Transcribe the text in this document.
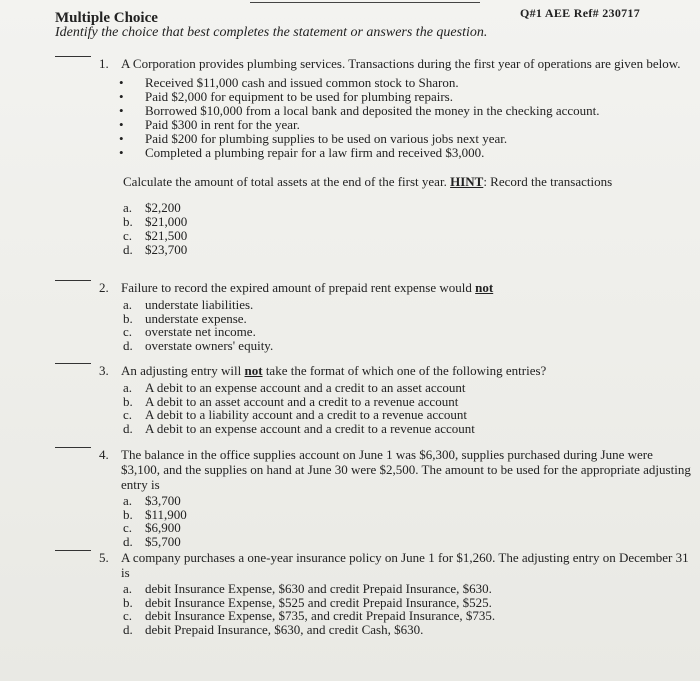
Multiple Choice
Identify the choice that best completes the statement or answers the question.
Q#1 AEE Ref# 230717
1. A Corporation provides plumbing services. Transactions during the first year of operations are given below.
•	Received $11,000 cash and issued common stock to Sharon.
•	Paid $2,000 for equipment to be used for plumbing repairs.
•	Borrowed $10,000 from a local bank and deposited the money in the checking account.
•	Paid $300 in rent for the year.
•	Paid $200 for plumbing supplies to be used on various jobs next year.
•	Completed a plumbing repair for a law firm and received $3,000.
Calculate the amount of total assets at the end of the first year. HINT: Record the transactions
a. $2,200
b. $21,000
c. $21,500
d. $23,700
2. Failure to record the expired amount of prepaid rent expense would not
a. understate liabilities.
b. understate expense.
c. overstate net income.
d. overstate owners' equity.
3. An adjusting entry will not take the format of which one of the following entries?
a. A debit to an expense account and a credit to an asset account
b. A debit to an asset account and a credit to a revenue account
c. A debit to a liability account and a credit to a revenue account
d. A debit to an expense account and a credit to a revenue account
4. The balance in the office supplies account on June 1 was $6,300, supplies purchased during June were $3,100, and the supplies on hand at June 30 were $2,500. The amount to be used for the appropriate adjusting entry is
a. $3,700
b. $11,900
c. $6,900
d. $5,700
5. A company purchases a one-year insurance policy on June 1 for $1,260. The adjusting entry on December 31 is
a. debit Insurance Expense, $630 and credit Prepaid Insurance, $630.
b. debit Insurance Expense, $525 and credit Prepaid Insurance, $525.
c. debit Insurance Expense, $735, and credit Prepaid Insurance, $735.
d. debit Prepaid Insurance, $630, and credit Cash, $630.
